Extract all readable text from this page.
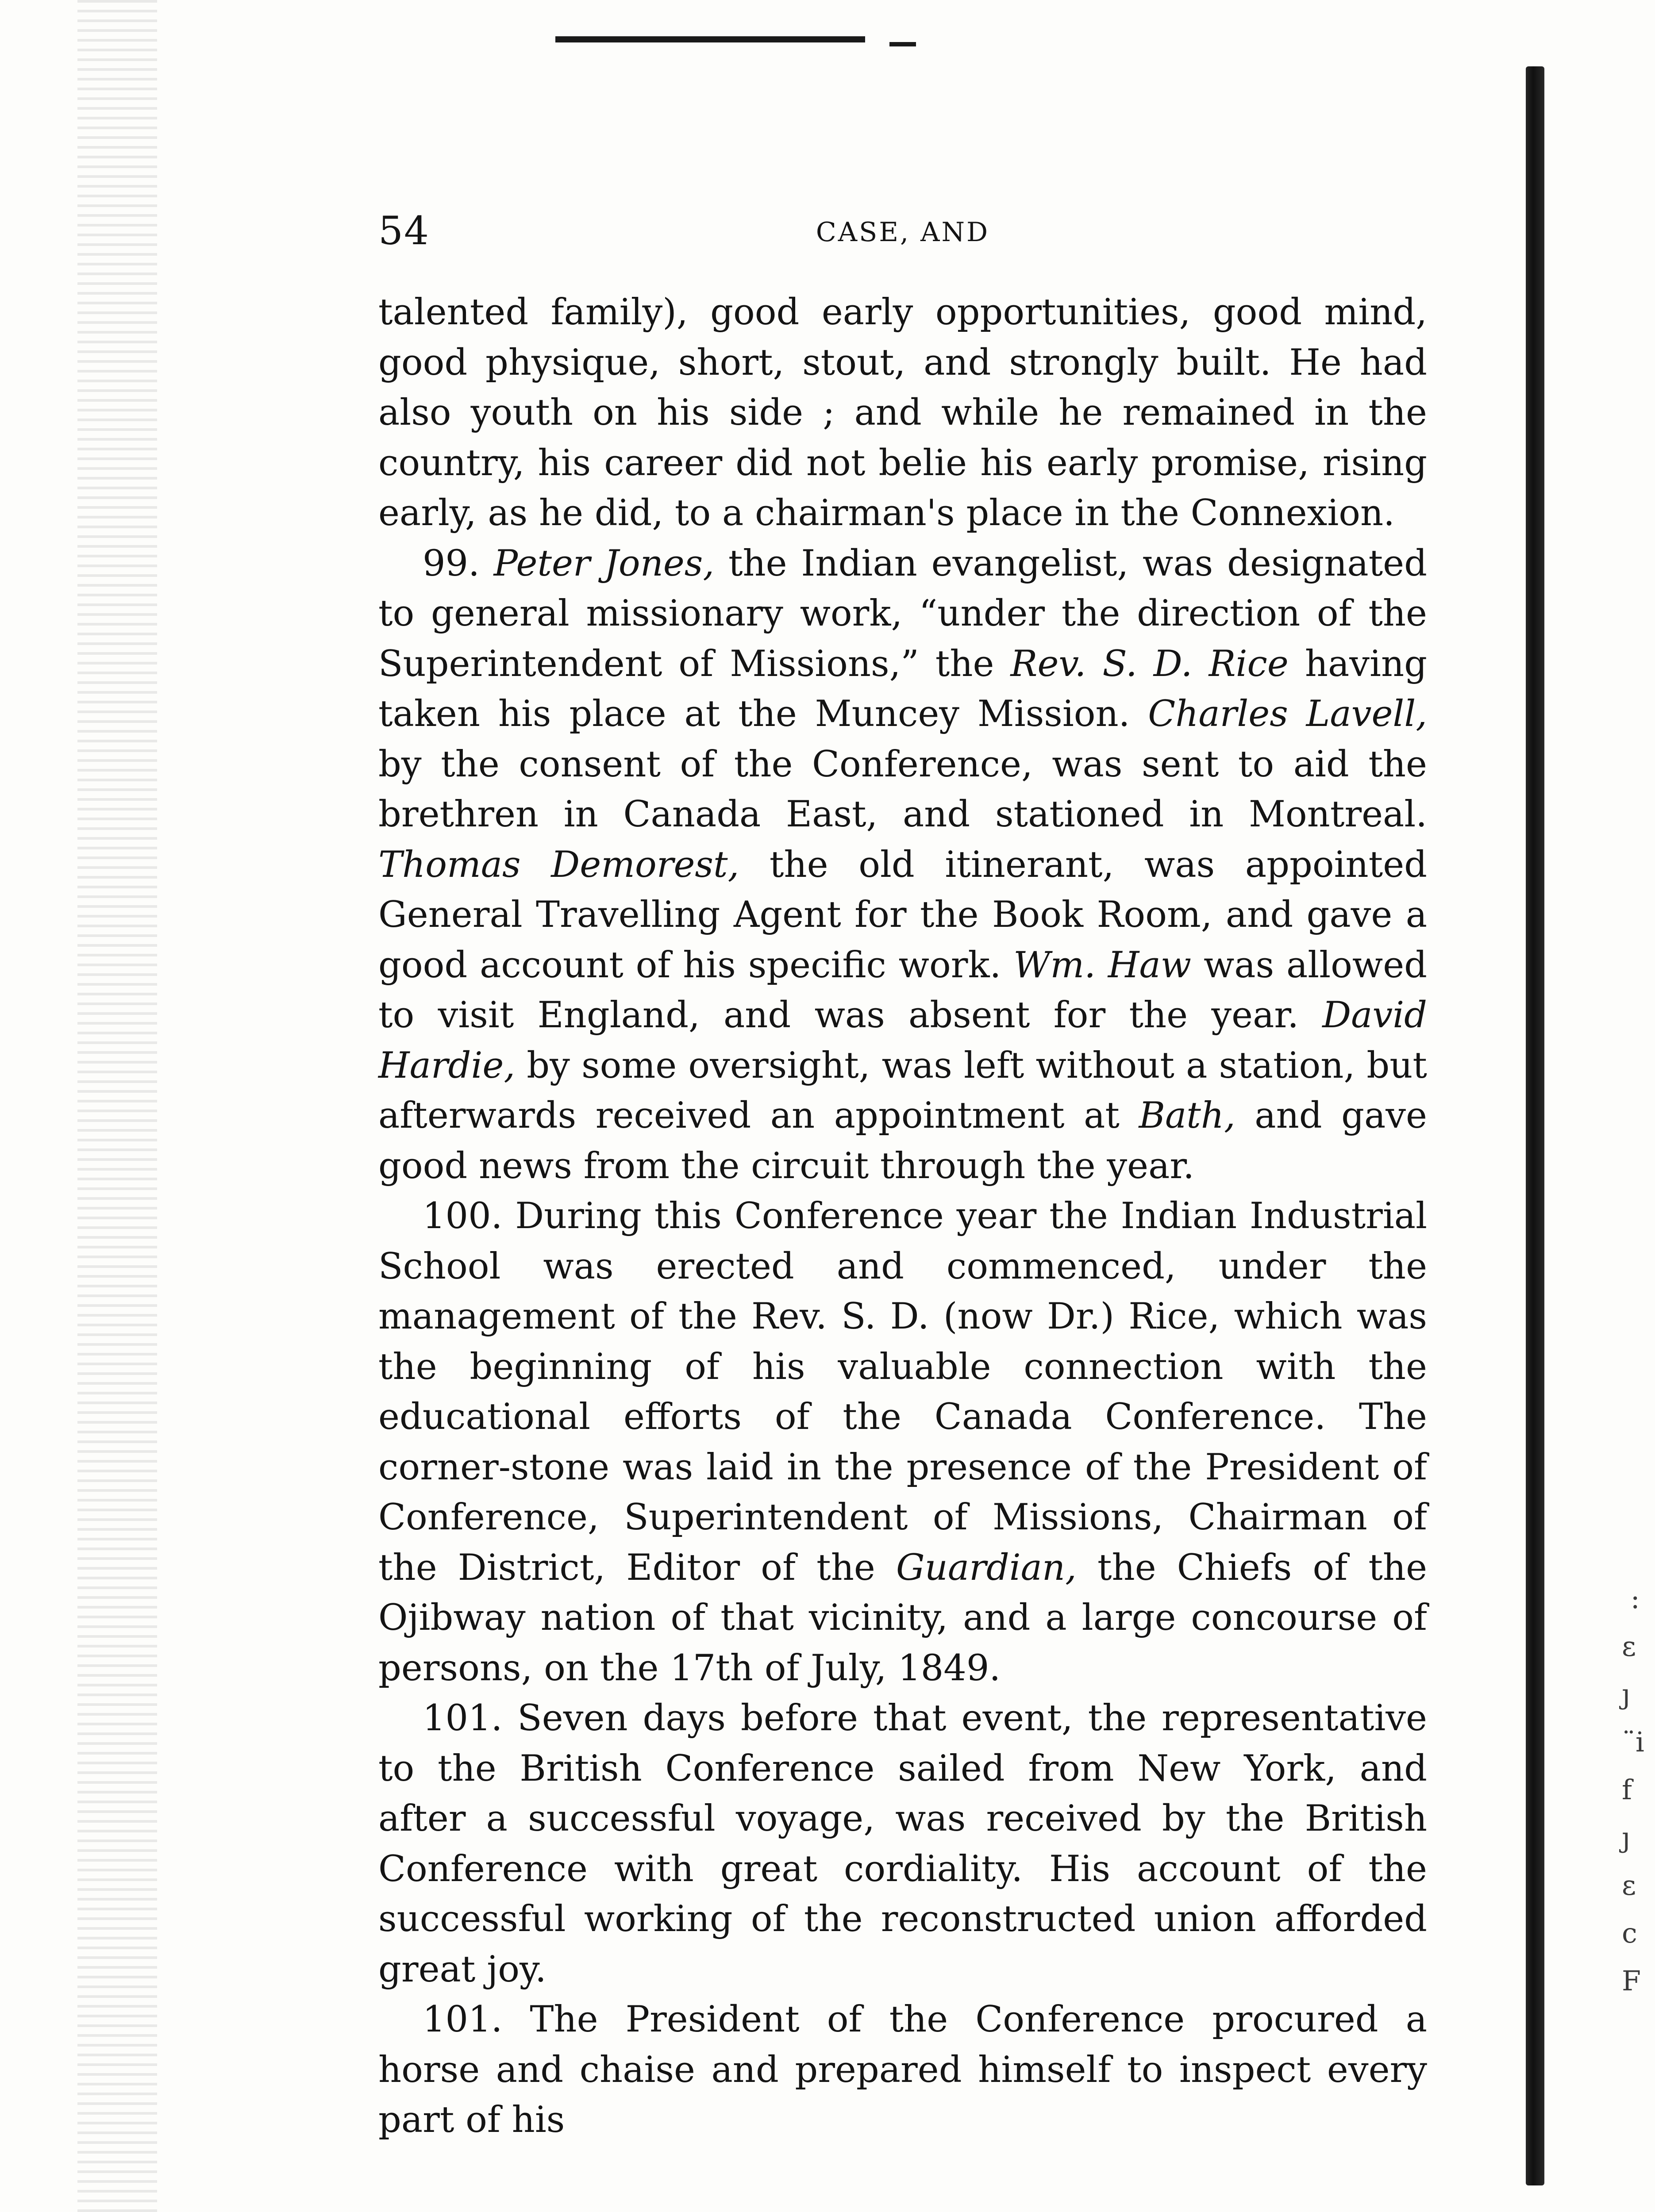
:
ɛ
ȷ
¨i
f
ȷ
ɛ
c
F
54	CASE, AND

talented family), good early opportunities, good mind, good physique, short, stout, and strongly built. He had also youth on his side ; and while he remained in the country, his career did not belie his early promise, rising early, as he did, to a chairman's place in the Connexion.

99. Peter Jones, the Indian evangelist, was designated to general missionary work, “under the direction of the Superintendent of Missions,” the Rev. S. D. Rice having taken his place at the Muncey Mission. Charles Lavell, by the consent of the Conference, was sent to aid the brethren in Canada East, and stationed in Montreal. Thomas Demorest, the old itinerant, was appointed General Travelling Agent for the Book Room, and gave a good account of his specific work. Wm. Haw was allowed to visit England, and was absent for the year. David Hardie, by some oversight, was left without a station, but afterwards received an appointment at Bath, and gave good news from the circuit through the year.

100. During this Conference year the Indian Industrial School was erected and commenced, under the management of the Rev. S. D. (now Dr.) Rice, which was the beginning of his valuable connection with the educational efforts of the Canada Conference. The corner-stone was laid in the presence of the President of Conference, Superintendent of Missions, Chairman of the District, Editor of the Guardian, the Chiefs of the Ojibway nation of that vicinity, and a large concourse of persons, on the 17th of July, 1849.

101. Seven days before that event, the representative to the British Conference sailed from New York, and after a successful voyage, was received by the British Conference with great cordiality. His account of the successful working of the reconstructed union afforded great joy.

101. The President of the Conference procured a horse and chaise and prepared himself to inspect every part of his
